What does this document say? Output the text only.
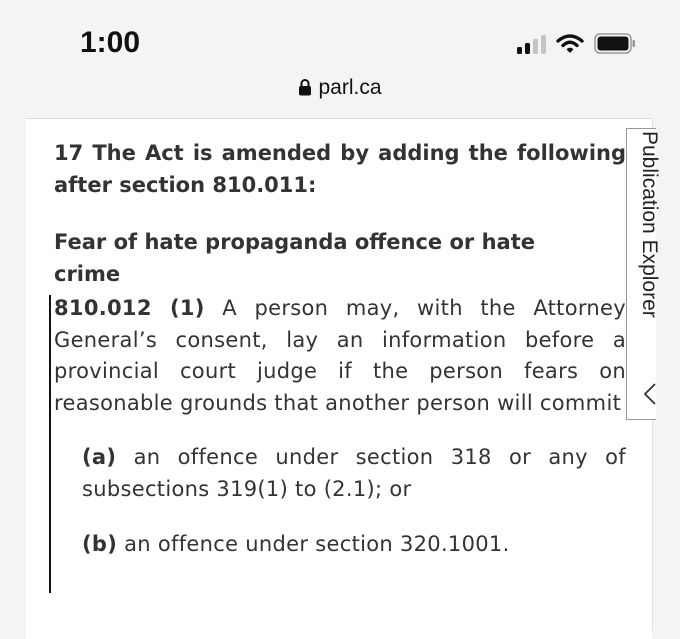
1:00
parl.ca

17 The Act is amended by adding the following after section 810.011:

Fear of hate propaganda offence or hate crime

810.012 (1) A person may, with the Attorney General’s consent, lay an information before a provincial court judge if the person fears on reasonable grounds that another person will commit

(a) an offence under section 318 or any of subsections 319(1) to (2.1); or

(b) an offence under section 320.1001.

Publication Explorer
